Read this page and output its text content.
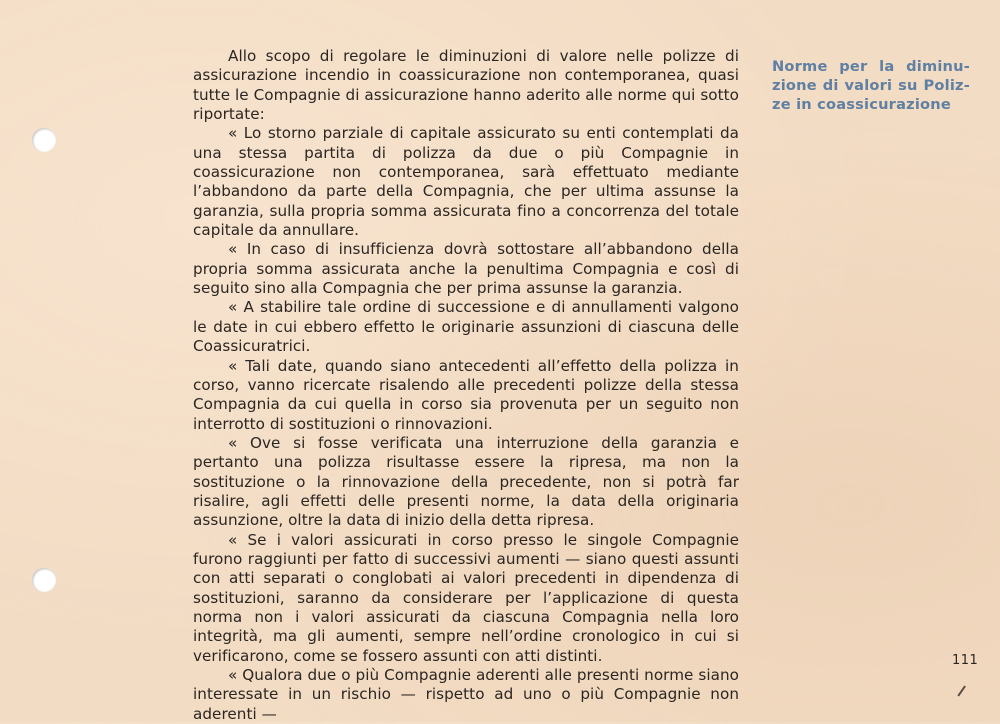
Norme per la diminu-zione di valori su Poliz-ze in coassicurazione

Allo scopo di regolare le diminuzioni di valore nelle polizze di assicurazione incendio in coassicurazione non contemporanea, quasi tutte le Compagnie di assicurazione hanno aderito alle norme qui sotto riportate:

« Lo storno parziale di capitale assicurato su enti contemplati da una stessa partita di polizza da due o più Compagnie in coassicurazione non contemporanea, sarà effettuato mediante l’abbandono da parte della Compagnia, che per ultima assunse la garanzia, sulla propria somma assicurata fino a concorrenza del totale capitale da annullare.

« In caso di insufficienza dovrà sottostare all’abbandono della propria somma assicurata anche la penultima Compagnia e così di seguito sino alla Compagnia che per prima assunse la garanzia.

« A stabilire tale ordine di successione e di annullamenti valgono le date in cui ebbero effetto le originarie assunzioni di ciascuna delle Coassicuratrici.

« Tali date, quando siano antecedenti all’effetto della polizza in corso, vanno ricercate risalendo alle precedenti polizze della stessa Compagnia da cui quella in corso sia provenuta per un seguito non interrotto di sostituzioni o rinnovazioni.

« Ove si fosse verificata una interruzione della garanzia e pertanto una polizza risultasse essere la ripresa, ma non la sostituzione o la rinnovazione della precedente, non si potrà far risalire, agli effetti delle presenti norme, la data della originaria assunzione, oltre la data di inizio della detta ripresa.

« Se i valori assicurati in corso presso le singole Compagnie furono raggiunti per fatto di successivi aumenti — siano questi assunti con atti separati o conglobati ai valori precedenti in dipendenza di sostituzioni, saranno da considerare per l’applicazione di questa norma non i valori assicurati da ciascuna Compagnia nella loro integrità, ma gli aumenti, sempre nell’ordine cronologico in cui si verificarono, come se fossero assunti con atti distinti.

« Qualora due o più Compagnie aderenti alle presenti norme siano interessate in un rischio — rispetto ad uno o più Compagnie non aderenti —

111
